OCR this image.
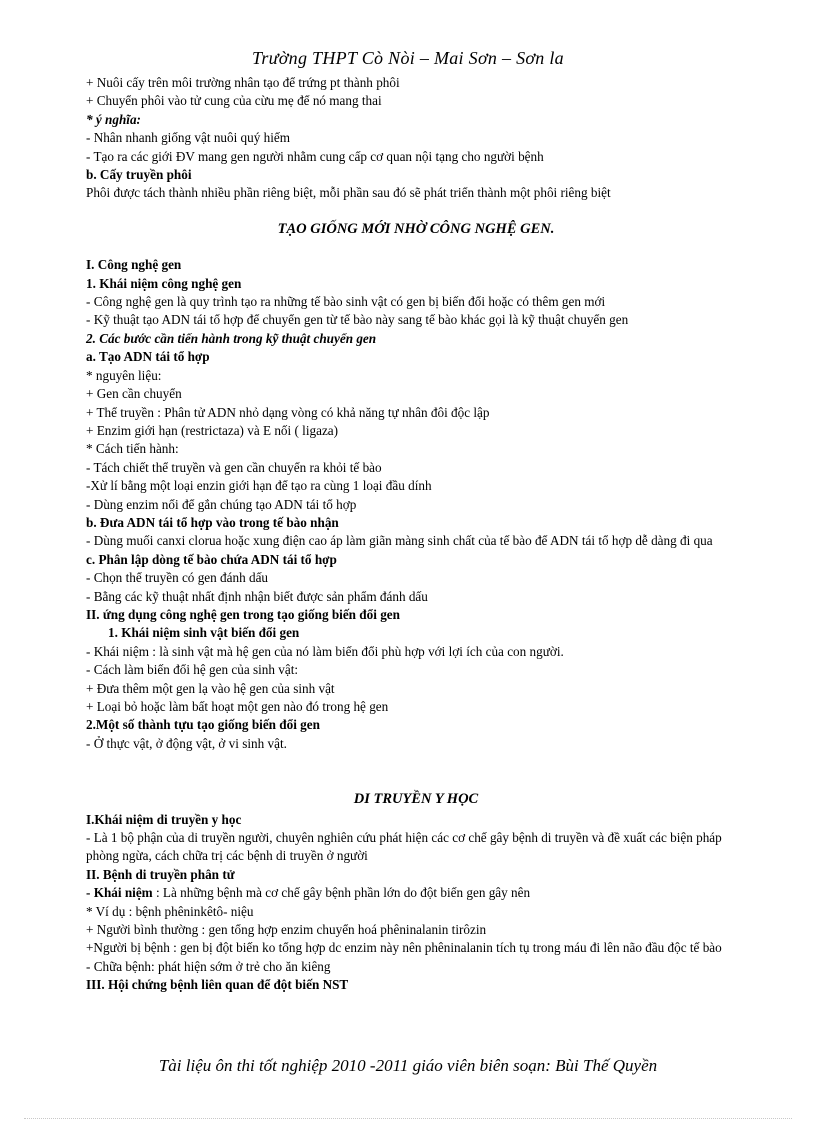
Trường THPT Cò Nòi – Mai Sơn – Sơn la
+ Nuôi cấy trên môi trường nhân tạo để trứng pt thành phôi
+ Chuyển phôi vào tử cung của cừu mẹ để nó mang thai
* ý nghĩa:
- Nhân nhanh giống vật nuôi quý hiếm
- Tạo ra các giới ĐV mang gen người nhằm cung cấp cơ quan nội tạng cho người bệnh
b. Cấy truyền phôi
Phôi được tách thành nhiều phần riêng biệt, mỗi phần sau đó sẽ phát triển thành một phôi riêng biệt
TẠO GIỐNG MỚI NHỜ CÔNG NGHỆ GEN.
I. Công nghệ gen
1. Khái niệm công nghệ gen
- Công nghệ gen là quy trình tạo ra những tế bào sinh vật có gen bị biến đổi hoặc có thêm gen mới
- Kỹ thuật tạo ADN tái tổ hợp để chuyển gen từ tế bào này sang tế bào khác gọi là kỹ thuật chuyển gen
2. Các bước cần tiến hành trong kỹ thuật chuyển gen
a. Tạo ADN tái tổ hợp
* nguyên liệu:
+ Gen cần chuyển
+ Thể truyền : Phân tử ADN nhỏ dạng vòng có khả năng tự nhân đôi độc lập
+ Enzim giới hạn (restrictaza) và E nối ( ligaza)
* Cách tiến hành:
- Tách chiết thể truyền và gen cần chuyển ra khỏi tế bào
-Xử lí bằng một loại enzin giới hạn để tạo ra cùng 1 loại đầu dính
- Dùng enzim nối để gắn chúng tạo ADN tái tổ hợp
b. Đưa ADN tái tổ hợp vào trong tế bào nhận
- Dùng muối canxi clorua hoặc xung điện cao áp làm giãn màng sinh chất của tế bào để ADN tái tổ hợp dễ dàng đi qua
c. Phân lập dòng tế bào chứa ADN tái tổ hợp
- Chọn thể truyền có gen đánh dấu
- Bằng các kỹ thuật nhất định nhận biết được sản phẩm đánh dấu
II. ứng dụng công nghệ gen trong tạo giống biến đổi gen
1. Khái niệm sinh vật biến đổi gen
- Khái niệm : là sinh vật mà hệ gen của nó làm biến đổi phù hợp với lợi ích của con người.
- Cách làm biến đổi hệ gen của sinh vật:
+ Đưa thêm một gen lạ vào hệ gen của sinh vật
+ Loại bỏ hoặc làm bất hoạt một gen nào đó trong hệ gen
2.Một số thành tựu tạo giống biến đổi gen
- Ở thực vật, ở động vật, ở vi sinh vật.
DI TRUYỀN Y HỌC
I.Khái niệm di truyền y học
- Là 1 bộ phận của di truyền người, chuyên nghiên cứu phát hiện các cơ chế gây bệnh di truyền và đề xuất các biện pháp phòng ngừa, cách chữa trị các bệnh di truyền ở người
II. Bệnh di truyền phân tử
- Khái niệm : Là những bệnh mà cơ chế gây bệnh phần lớn do đột biến gen gây nên
* Ví dụ : bệnh phêninkêtô- niệu
+ Người bình thường : gen tổng hợp enzim chuyển hoá phêninalanin tirôzin
+Người bị bệnh : gen bị đột biến ko tổng hợp dc enzim này nên phêninalanin tích tụ trong máu đi lên não đầu độc tế bào
- Chữa bệnh: phát hiện sớm ở trẻ cho ăn kiêng
III. Hội chứng bệnh liên quan để đột biến NST
Tài liệu ôn thi tốt nghiệp 2010 -2011 giáo viên biên soạn: Bùi Thế Quyền
